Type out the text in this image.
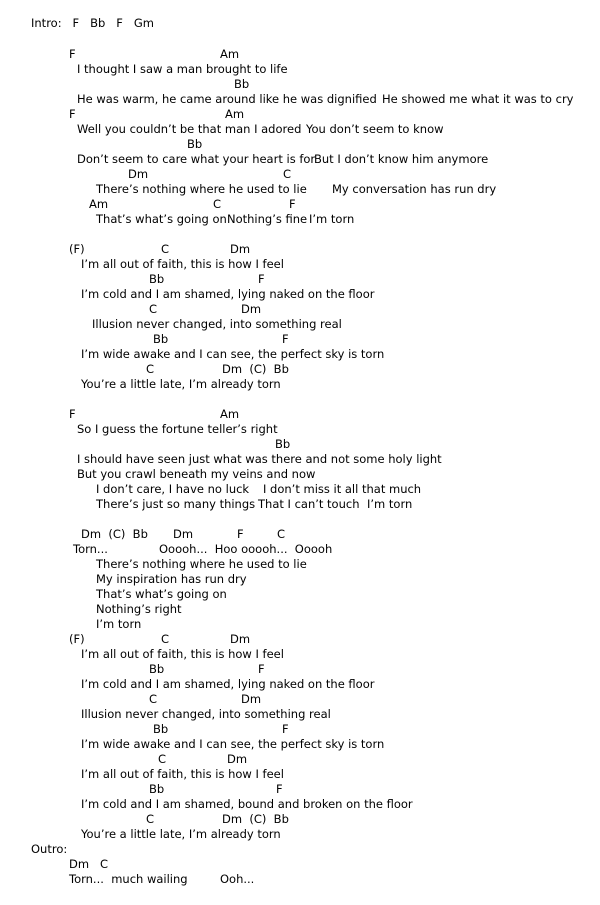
Intro:   F   Bb   F   Gm
F	Am
I thought I saw a man brought to life
Bb
He was warm, he came around like he was dignified He showed me what it was to cry
F	Am
Well you couldn’t be that man I adored You don’t seem to know
Bb
Don’t seem to care what your heart is for
But I don’t know him anymore
Dm	C
There’s nothing where he used to lie My conversation has run dry
Am	C	F
That’s what’s going on Nothing’s fine I’m torn
(F)	C	Dm
I’m all out of faith, this is how I feel
Bb	F
I’m cold and I am shamed, lying naked on the floor
C	Dm
Illusion never changed, into something real
Bb	F
I’m wide awake and I can see, the perfect sky is torn
C	Dm  (C)  Bb
You’re a little late, I’m already torn
F	Am
So I guess the fortune teller’s right
Bb
I should have seen just what was there and not some holy light
But you crawl beneath my veins and now
I don’t care, I have no luck I don’t miss it all that much
There’s just so many things That I can’t touch I’m torn
Dm  (C)  Bb Dm	F	C
Torn...	Ooooh...  Hoo ooooh...  Ooooh
There’s nothing where he used to lie
My inspiration has run dry
That’s what’s going on
Nothing’s right
I’m torn
(F)	C	Dm
I’m all out of faith, this is how I feel
Bb	F
I’m cold and I am shamed, lying naked on the floor
C	Dm
Illusion never changed, into something real
Bb	F
I’m wide awake and I can see, the perfect sky is torn
C	Dm
I’m all out of faith, this is how I feel
Bb	F
I’m cold and I am shamed, bound and broken on the floor
C	Dm  (C)  Bb
You’re a little late, I’m already torn
Outro:
Dm   C
Torn...  much wailing	Ooh...
